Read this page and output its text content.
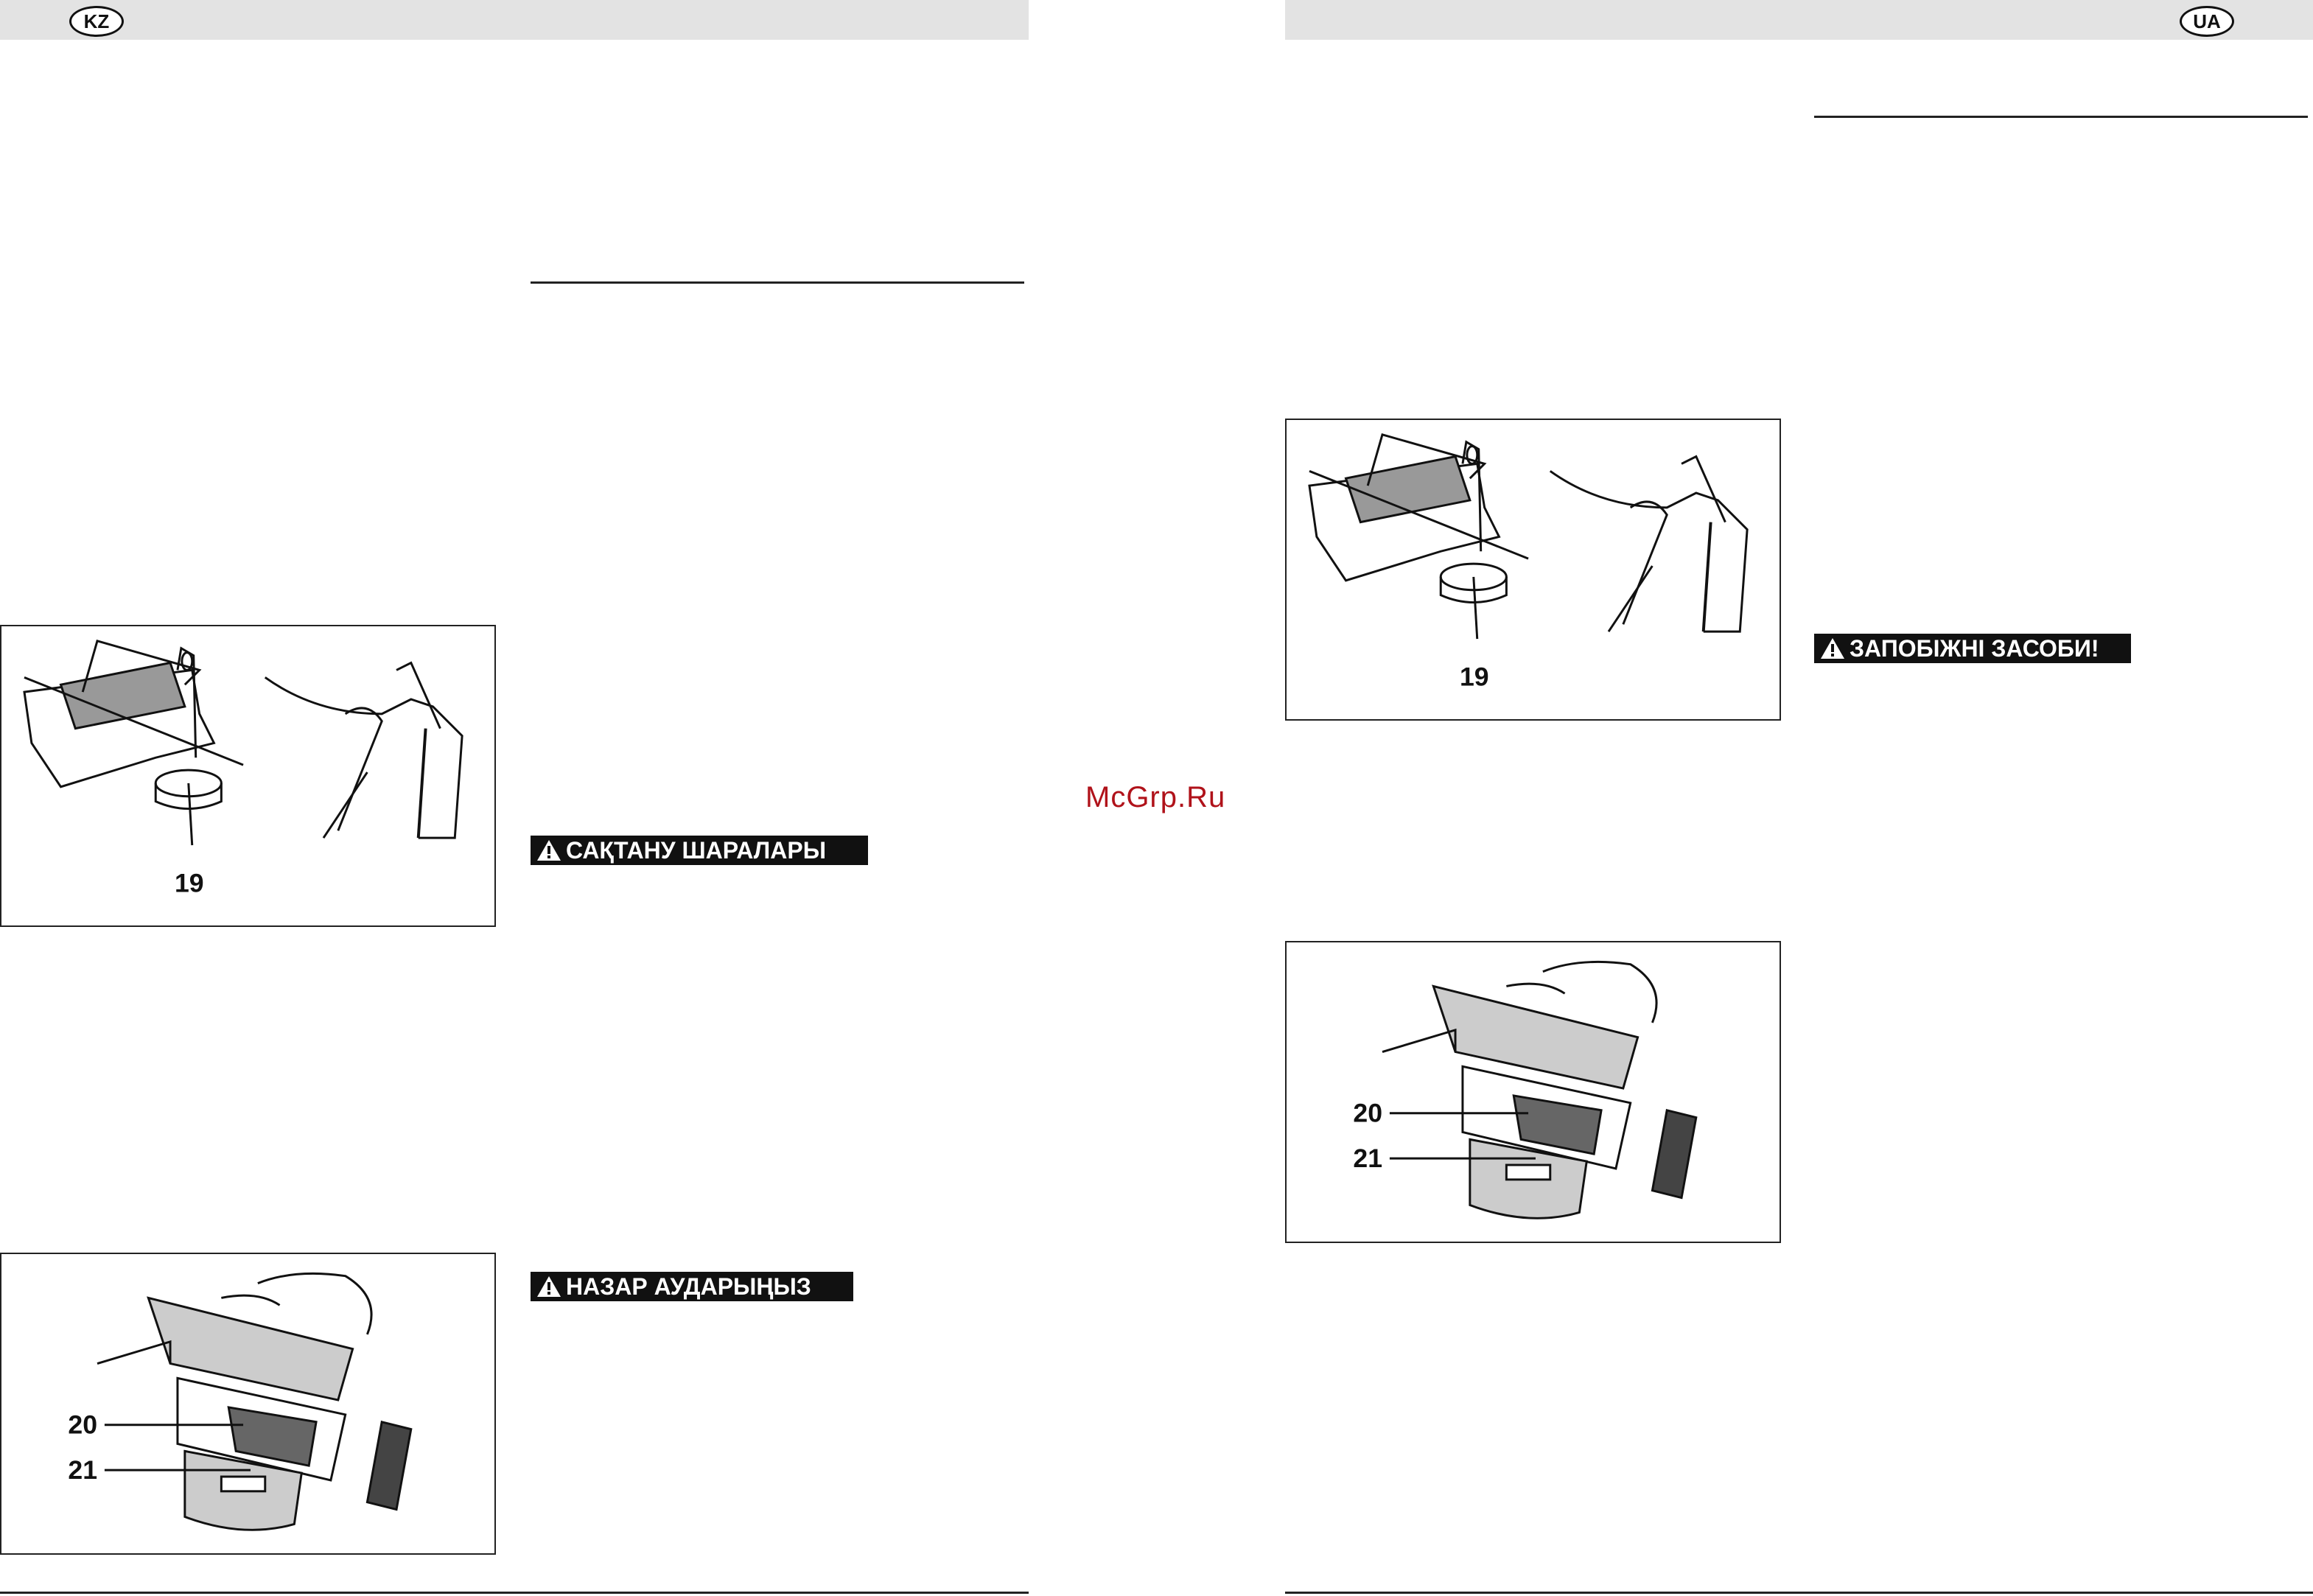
KZ	UA
McGrp.Ru
САҚТАНУ ШАРАЛАРЫ
НАЗАР АУДАРЫҢЫЗ
ЗАПОБІЖНІ ЗАСОБИ!
19
20
21
19
20
21
